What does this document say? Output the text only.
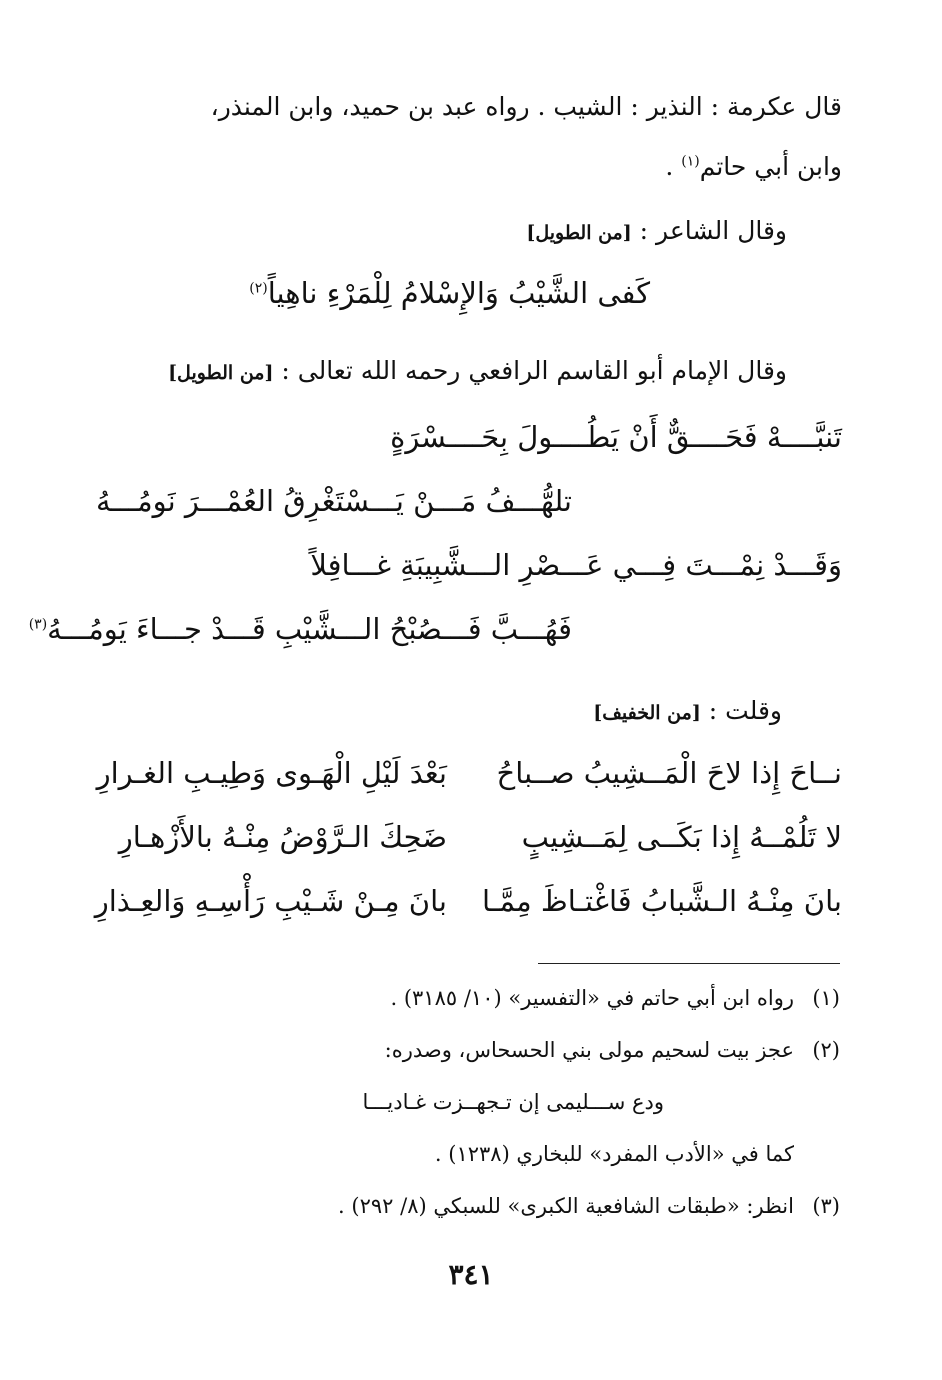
قال عكرمة : النذير : الشيب . رواه عبد بن حميد، وابن المنذر،
وابن أبي حاتم$^{(١)}$ .
وقال الشاعر : [من الطويل]
كَفى الشَّيْبُ وَالإِسْلامُ لِلْمَرْءِ ناهِياً$^{(٢)}$
وقال الإمام أبو القاسم الرافعي رحمه الله تعالى : [من الطويل]
تَنبَّــــهْ فَحَــــقٌّ أَنْ يَطُــــولَ بِحَــــسْرَةٍ
تلهُّـــفُ مَـــنْ يَـــسْتَغْرِقُ العُمْـــرَ نَومُـــهُ
وَقَـــدْ نِمْـــتَ فِـــي عَـــصْرِ الـــشَّبِيبَةِ غـــافِلاً
فَهُـــبَّ فَـــصُبْحُ الـــشَّيْبِ قَـــدْ جـــاءَ يَومُـــهُ$^{(٣)}$
وقلت : [من الخفيف]
نــاحَ إِذا لاحَ الْمَــشِيبُ صــباحُ
بَعْدَ لَيْلِ الْهَـوى وَطِيـبِ الغـرارِ
لا تَلُمْــهُ إِذا بَكَــى لِمَــشِيبٍ
ضَحِكَ الـرَّوْضُ مِنْـهُ بالأَزْهـارِ
بانَ مِنْـهُ الـشَّبابُ فَاغْتـاظَ مِمَّـا
بانَ مِـنْ شَـيْبِ رَأْسِـهِ وَالعِـذارِ
(١)رواه ابن أبي حاتم في «التفسير» (١٠/ ٣١٨٥) .
(٢)عجز بيت لسحيم مولى بني الحسحاس، وصدره:
ودع ســـليمى إن تـجهــزت غـاديـــا
كما في «الأدب المفرد» للبخاري (١٢٣٨) .
(٣)انظر: «طبقات الشافعية الكبرى» للسبكي (٨/ ٢٩٢) .
٣٤١
